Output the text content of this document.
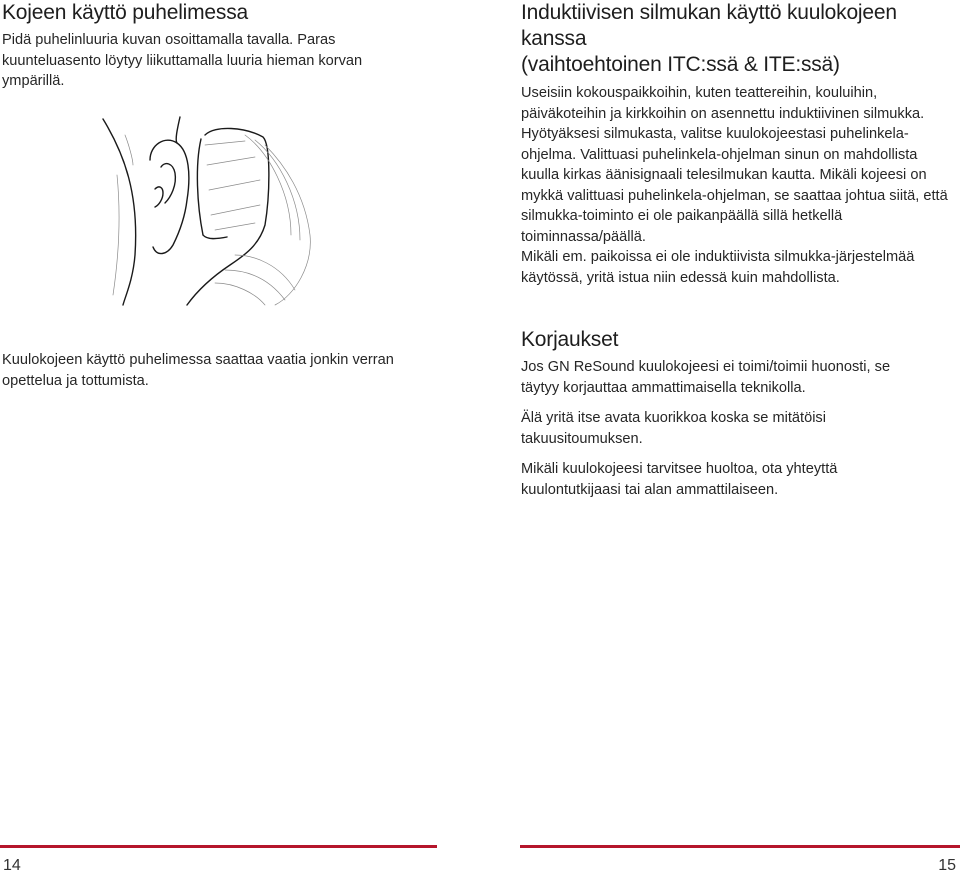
Kojeen käyttö puhelimessa
Pidä puhelinluuria kuvan osoittamalla tavalla. Paras kuunteluasento löytyy liikuttamalla luuria hieman korvan ympärillä.
Kuulokojeen käyttö puhelimessa saattaa vaatia jonkin verran opettelua ja tottumista.
14
Induktiivisen silmukan käyttö kuulokojeen kanssa
(vaihtoehtoinen ITC:ssä & ITE:ssä)

Useisiin kokouspaikkoihin, kuten teattereihin, kouluihin, päiväkoteihin ja kirkkoihin on asennettu induktiivinen silmukka. Hyötyäksesi silmukasta, valitse kuulokojeestasi puhelinkela-ohjelma. Valittuasi puhelinkela-ohjelman sinun on mahdollista kuulla kirkas äänisignaali telesilmukan kautta. Mikäli kojeesi on mykkä valittuasi puhelinkela-ohjelman, se saattaa johtua siitä, että silmukka-toiminto ei ole paikanpäällä sillä hetkellä toiminnassa/päällä.

Mikäli em. paikoissa ei ole induktiivista silmukka-järjestelmää käytössä, yritä istua niin edessä kuin mahdollista.

Korjaukset

Jos GN ReSound kuulokojeesi ei toimi/toimii huonosti, se täytyy korjauttaa ammattimaisella teknikolla.

Älä yritä itse avata kuorikkoa koska se mitätöisi takuusitoumuksen.

Mikäli kuulokojeesi tarvitsee huoltoa, ota yhteyttä kuulontutkijaasi tai alan ammattilaiseen.

15
